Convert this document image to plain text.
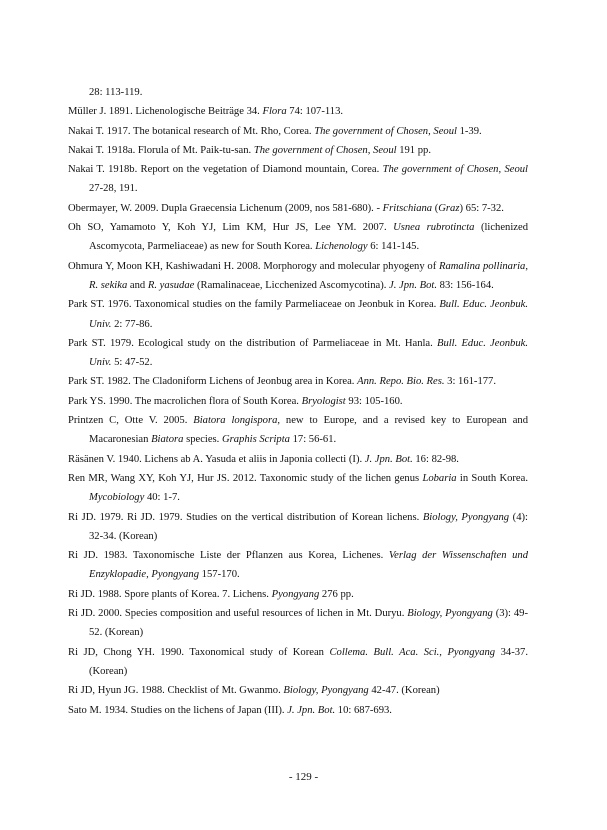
28: 113-119.

Müller J. 1891. Lichenologische Beiträge 34. Flora 74: 107-113.

Nakai T. 1917. The botanical research of Mt. Rho, Corea. The government of Chosen, Seoul 1-39.

Nakai T. 1918a. Florula of Mt. Paik-tu-san. The government of Chosen, Seoul 191 pp.

Nakai T. 1918b. Report on the vegetation of Diamond mountain, Corea. The government of Chosen, Seoul 27-28, 191.

Obermayer, W. 2009. Dupla Graecensia Lichenum (2009, nos 581-680). - Fritschiana (Graz) 65: 7-32.

Oh SO, Yamamoto Y, Koh YJ, Lim KM, Hur JS, Lee YM. 2007. Usnea rubrotincta (lichenized Ascomycota, Parmeliaceae) as new for South Korea. Lichenology 6: 141-145.

Ohmura Y, Moon KH, Kashiwadani H. 2008. Morphorogy and molecular phyogeny of Ramalina pollinaria, R. sekika and R. yasudae (Ramalinaceae, Licchenized Ascomycotina). J. Jpn. Bot. 83: 156-164.

Park ST. 1976. Taxonomical studies on the family Parmeliaceae on Jeonbuk in Korea. Bull. Educ. Jeonbuk. Univ. 2: 77-86.

Park ST. 1979. Ecological study on the distribution of Parmeliaceae in Mt. Hanla. Bull. Educ. Jeonbuk. Univ. 5: 47-52.

Park ST. 1982. The Cladoniform Lichens of Jeonbug area in Korea. Ann. Repo. Bio. Res. 3: 161-177.

Park YS. 1990. The macrolichen flora of South Korea. Bryologist 93: 105-160.

Printzen C, Otte V. 2005. Biatora longispora, new to Europe, and a revised key to European and Macaronesian Biatora species. Graphis Scripta 17: 56-61.

Räsänen V. 1940. Lichens ab A. Yasuda et aliis in Japonia collecti (I). J. Jpn. Bot. 16: 82-98.

Ren MR, Wang XY, Koh YJ, Hur JS. 2012. Taxonomic study of the lichen genus Lobaria in South Korea. Mycobiology 40: 1-7.

Ri JD. 1979. Ri JD. 1979. Studies on the vertical distribution of Korean lichens. Biology, Pyongyang (4): 32-34. (Korean)

Ri JD. 1983. Taxonomische Liste der Pflanzen aus Korea, Lichenes. Verlag der Wissenschaften und Enzyklopadie, Pyongyang 157-170.

Ri JD. 1988. Spore plants of Korea. 7. Lichens. Pyongyang 276 pp.

Ri JD. 2000. Species composition and useful resources of lichen in Mt. Duryu. Biology, Pyongyang (3): 49-52. (Korean)

Ri JD, Chong YH. 1990. Taxonomical study of Korean Collema. Bull. Aca. Sci., Pyongyang 34-37. (Korean)

Ri JD, Hyun JG. 1988. Checklist of Mt. Gwanmo. Biology, Pyongyang 42-47. (Korean)

Sato M. 1934. Studies on the lichens of Japan (III). J. Jpn. Bot. 10: 687-693.

- 129 -
